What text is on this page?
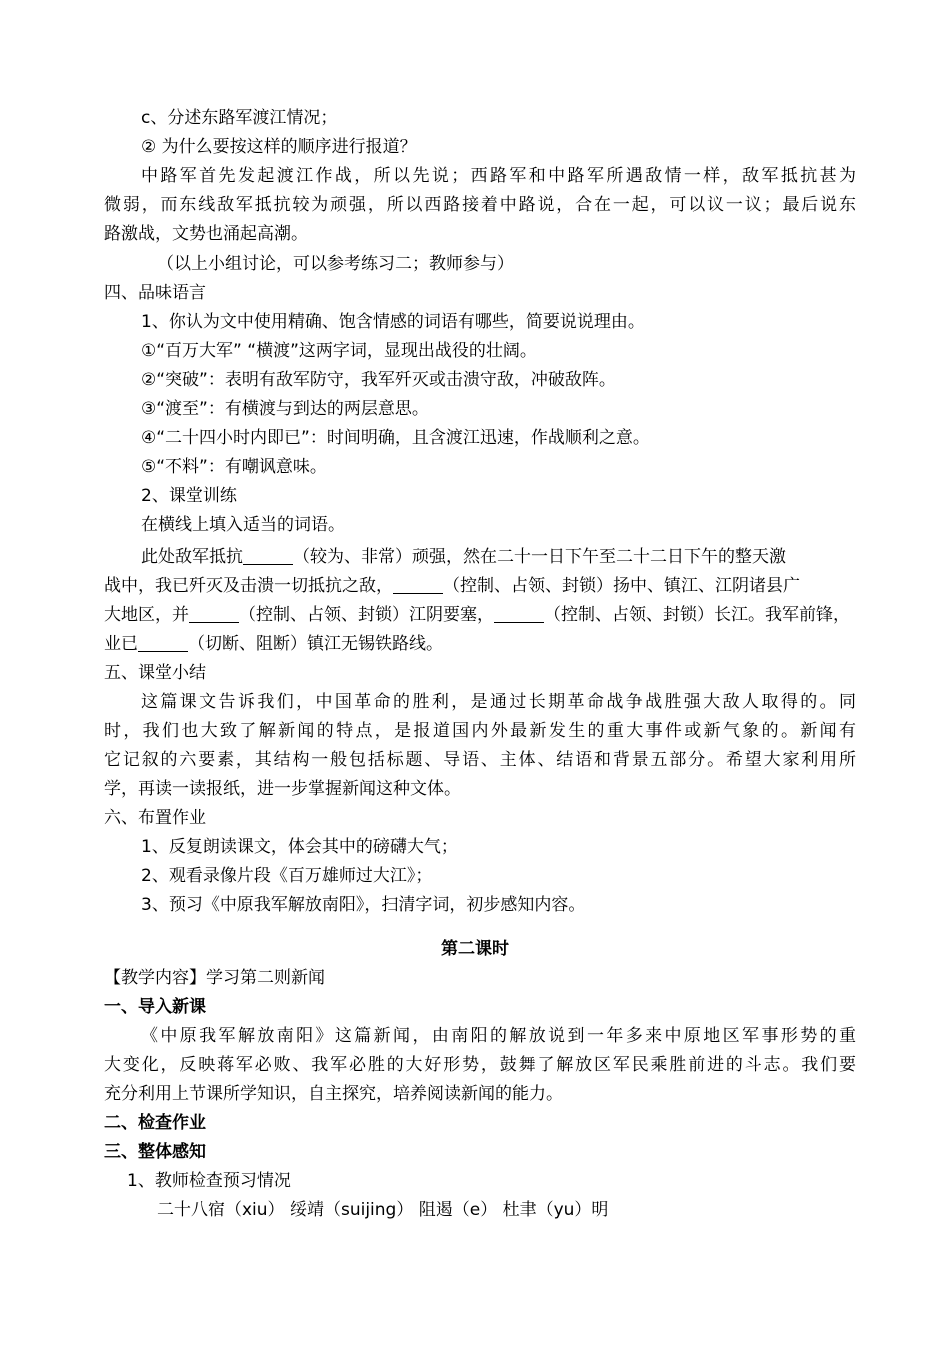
c、分述东路军渡江情况；
② 为什么要按这样的顺序进行报道？
中路军首先发起渡江作战，所以先说；西路军和中路军所遇敌情一样，敌军抵抗甚为
微弱，而东线敌军抵抗较为顽强，所以西路接着中路说，合在一起，可以议一议；最后说东
路激战，文势也涌起高潮。
（以上小组讨论，可以参考练习二；教师参与）
四、品味语言
1、你认为文中使用精确、饱含情感的词语有哪些，简要说说理由。
①“百万大军” “横渡”这两字词，显现出战役的壮阔。
②“突破”：表明有敌军防守，我军歼灭或击溃守敌，冲破敌阵。
③“渡至”：有横渡与到达的两层意思。
④“二十四小时内即已”：时间明确，且含渡江迅速，作战顺利之意。
⑤“不料”：有嘲讽意味。
2、课堂训练
在横线上填入适当的词语。
此处敌军抵抗	（较为、非常）顽强，然在二十一日下午至二十二日下午的整天激
战中，我已歼灭及击溃一切抵抗之敌，	（控制、占领、封锁）扬中、镇江、江阴诸县广
大地区，并	（控制、占领、封锁）江阴要塞，	（控制、占领、封锁）长江。我军前锋，
业已	（切断、阻断）镇江无锡铁路线。
五、课堂小结
这篇课文告诉我们，中国革命的胜利，是通过长期革命战争战胜强大敌人取得的。同
时，我们也大致了解新闻的特点，是报道国内外最新发生的重大事件或新气象的。新闻有
它记叙的六要素，其结构一般包括标题、导语、主体、结语和背景五部分。希望大家利用所
学，再读一读报纸，进一步掌握新闻这种文体。
六、布置作业
1、反复朗读课文，体会其中的磅礴大气；
2、观看录像片段《百万雄师过大江》；
3、预习《中原我军解放南阳》，扫清字词，初步感知内容。
第二课时
【教学内容】学习第二则新闻
一、导入新课
《中原我军解放南阳》这篇新闻，由南阳的解放说到一年多来中原地区军事形势的重
大变化，反映蒋军必败、我军必胜的大好形势，鼓舞了解放区军民乘胜前进的斗志。我们要
充分利用上节课所学知识，自主探究，培养阅读新闻的能力。
二、检查作业
三、整体感知
1、教师检查预习情况
二十八宿（xiu） 绥靖（suijing） 阻遏（e） 杜聿（yu）明
